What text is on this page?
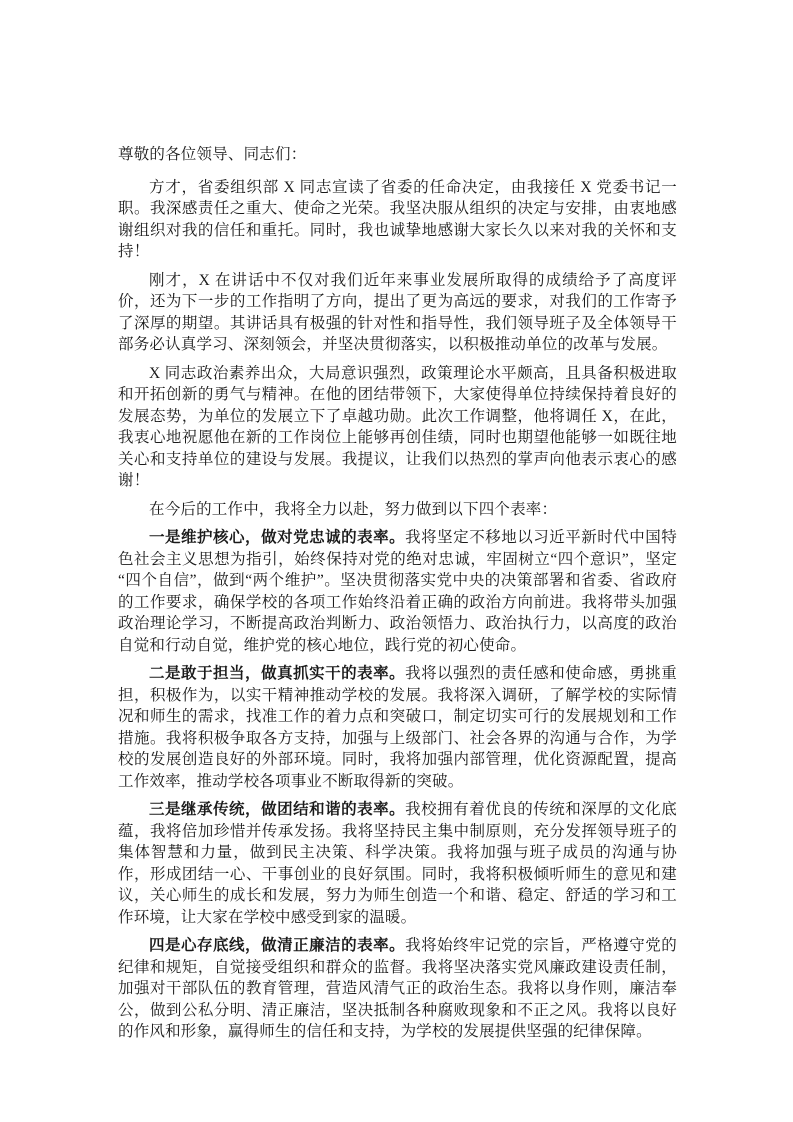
尊敬的各位领导、同志们：

方才，省委组织部 X 同志宣读了省委的任命决定，由我接任 X 党委书记一职。我深感责任之重大、使命之光荣。我坚决服从组织的决定与安排，由衷地感谢组织对我的信任和重托。同时，我也诚挚地感谢大家长久以来对我的关怀和支持！

刚才，X 在讲话中不仅对我们近年来事业发展所取得的成绩给予了高度评价，还为下一步的工作指明了方向，提出了更为高远的要求，对我们的工作寄予了深厚的期望。其讲话具有极强的针对性和指导性，我们领导班子及全体领导干部务必认真学习、深刻领会，并坚决贯彻落实，以积极推动单位的改革与发展。

X 同志政治素养出众，大局意识强烈，政策理论水平颇高，且具备积极进取和开拓创新的勇气与精神。在他的团结带领下，大家使得单位持续保持着良好的发展态势，为单位的发展立下了卓越功勋。此次工作调整，他将调任 X，在此，我衷心地祝愿他在新的工作岗位上能够再创佳绩，同时也期望他能够一如既往地关心和支持单位的建设与发展。我提议，让我们以热烈的掌声向他表示衷心的感谢！

在今后的工作中，我将全力以赴，努力做到以下四个表率：

一是维护核心，做对党忠诚的表率。我将坚定不移地以习近平新时代中国特色社会主义思想为指引，始终保持对党的绝对忠诚，牢固树立“四个意识”，坚定“四个自信”，做到“两个维护”。坚决贯彻落实党中央的决策部署和省委、省政府的工作要求，确保学校的各项工作始终沿着正确的政治方向前进。我将带头加强政治理论学习，不断提高政治判断力、政治领悟力、政治执行力，以高度的政治自觉和行动自觉，维护党的核心地位，践行党的初心使命。

二是敢于担当，做真抓实干的表率。我将以强烈的责任感和使命感，勇挑重担，积极作为，以实干精神推动学校的发展。我将深入调研，了解学校的实际情况和师生的需求，找准工作的着力点和突破口，制定切实可行的发展规划和工作措施。我将积极争取各方支持，加强与上级部门、社会各界的沟通与合作，为学校的发展创造良好的外部环境。同时，我将加强内部管理，优化资源配置，提高工作效率，推动学校各项事业不断取得新的突破。

三是继承传统，做团结和谐的表率。我校拥有着优良的传统和深厚的文化底蕴，我将倍加珍惜并传承发扬。我将坚持民主集中制原则，充分发挥领导班子的集体智慧和力量，做到民主决策、科学决策。我将加强与班子成员的沟通与协作，形成团结一心、干事创业的良好氛围。同时，我将积极倾听师生的意见和建议，关心师生的成长和发展，努力为师生创造一个和谐、稳定、舒适的学习和工作环境，让大家在学校中感受到家的温暖。

四是心存底线，做清正廉洁的表率。我将始终牢记党的宗旨，严格遵守党的纪律和规矩，自觉接受组织和群众的监督。我将坚决落实党风廉政建设责任制，加强对干部队伍的教育管理，营造风清气正的政治生态。我将以身作则，廉洁奉公，做到公私分明、清正廉洁，坚决抵制各种腐败现象和不正之风。我将以良好的作风和形象，赢得师生的信任和支持，为学校的发展提供坚强的纪律保障。
